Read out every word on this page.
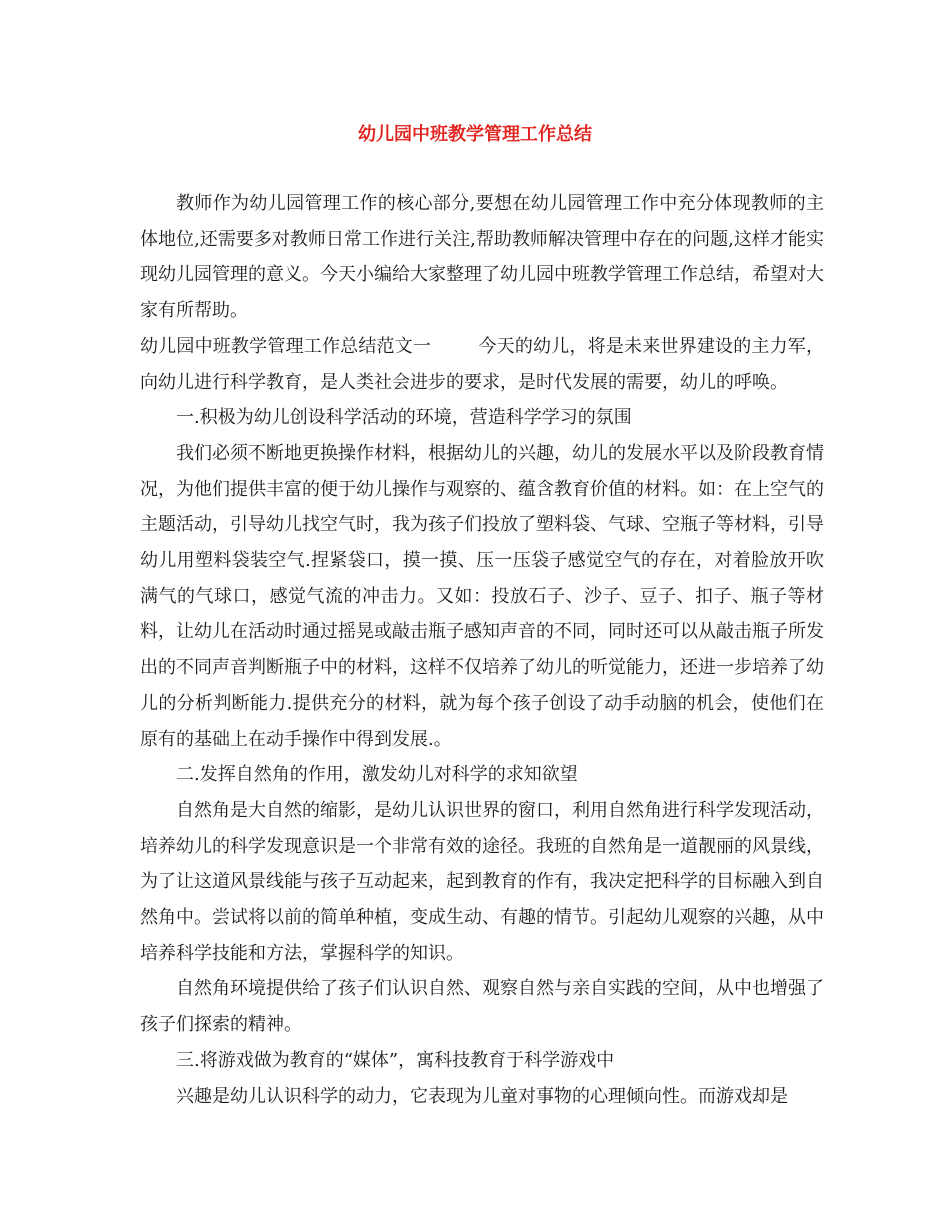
幼儿园中班教学管理工作总结

教师作为幼儿园管理工作的核心部分,要想在幼儿园管理工作中充分体现教师的主体地位,还需要多对教师日常工作进行关注,帮助教师解决管理中存在的问题,这样才能实现幼儿园管理的意义。今天小编给大家整理了幼儿园中班教学管理工作总结，希望对大家有所帮助。

幼儿园中班教学管理工作总结范文一        今天的幼儿，将是未来世界建设的主力军，向幼儿进行科学教育，是人类社会进步的要求，是时代发展的需要，幼儿的呼唤。

一.积极为幼儿创设科学活动的环境，营造科学学习的氛围

我们必须不断地更换操作材料，根据幼儿的兴趣，幼儿的发展水平以及阶段教育情况，为他们提供丰富的便于幼儿操作与观察的、蕴含教育价值的材料。如：在上空气的主题活动，引导幼儿找空气时，我为孩子们投放了塑料袋、气球、空瓶子等材料，引导幼儿用塑料袋装空气.捏紧袋口，摸一摸、压一压袋子感觉空气的存在，对着脸放开吹满气的气球口，感觉气流的冲击力。又如：投放石子、沙子、豆子、扣子、瓶子等材料，让幼儿在活动时通过摇晃或敲击瓶子感知声音的不同，同时还可以从敲击瓶子所发出的不同声音判断瓶子中的材料，这样不仅培养了幼儿的听觉能力，还进一步培养了幼儿的分析判断能力.提供充分的材料，就为每个孩子创设了动手动脑的机会，使他们在原有的基础上在动手操作中得到发展.。

二.发挥自然角的作用，激发幼儿对科学的求知欲望

自然角是大自然的缩影，是幼儿认识世界的窗口，利用自然角进行科学发现活动，培养幼儿的科学发现意识是一个非常有效的途径。我班的自然角是一道靓丽的风景线，为了让这道风景线能与孩子互动起来，起到教育的作有，我决定把科学的目标融入到自然角中。尝试将以前的简单种植，变成生动、有趣的情节。引起幼儿观察的兴趣，从中培养科学技能和方法，掌握科学的知识。

自然角环境提供给了孩子们认识自然、观察自然与亲自实践的空间，从中也增强了孩子们探索的精神。

三.将游戏做为教育的“媒体”，寓科技教育于科学游戏中

兴趣是幼儿认识科学的动力，它表现为儿童对事物的心理倾向性。而游戏却是
